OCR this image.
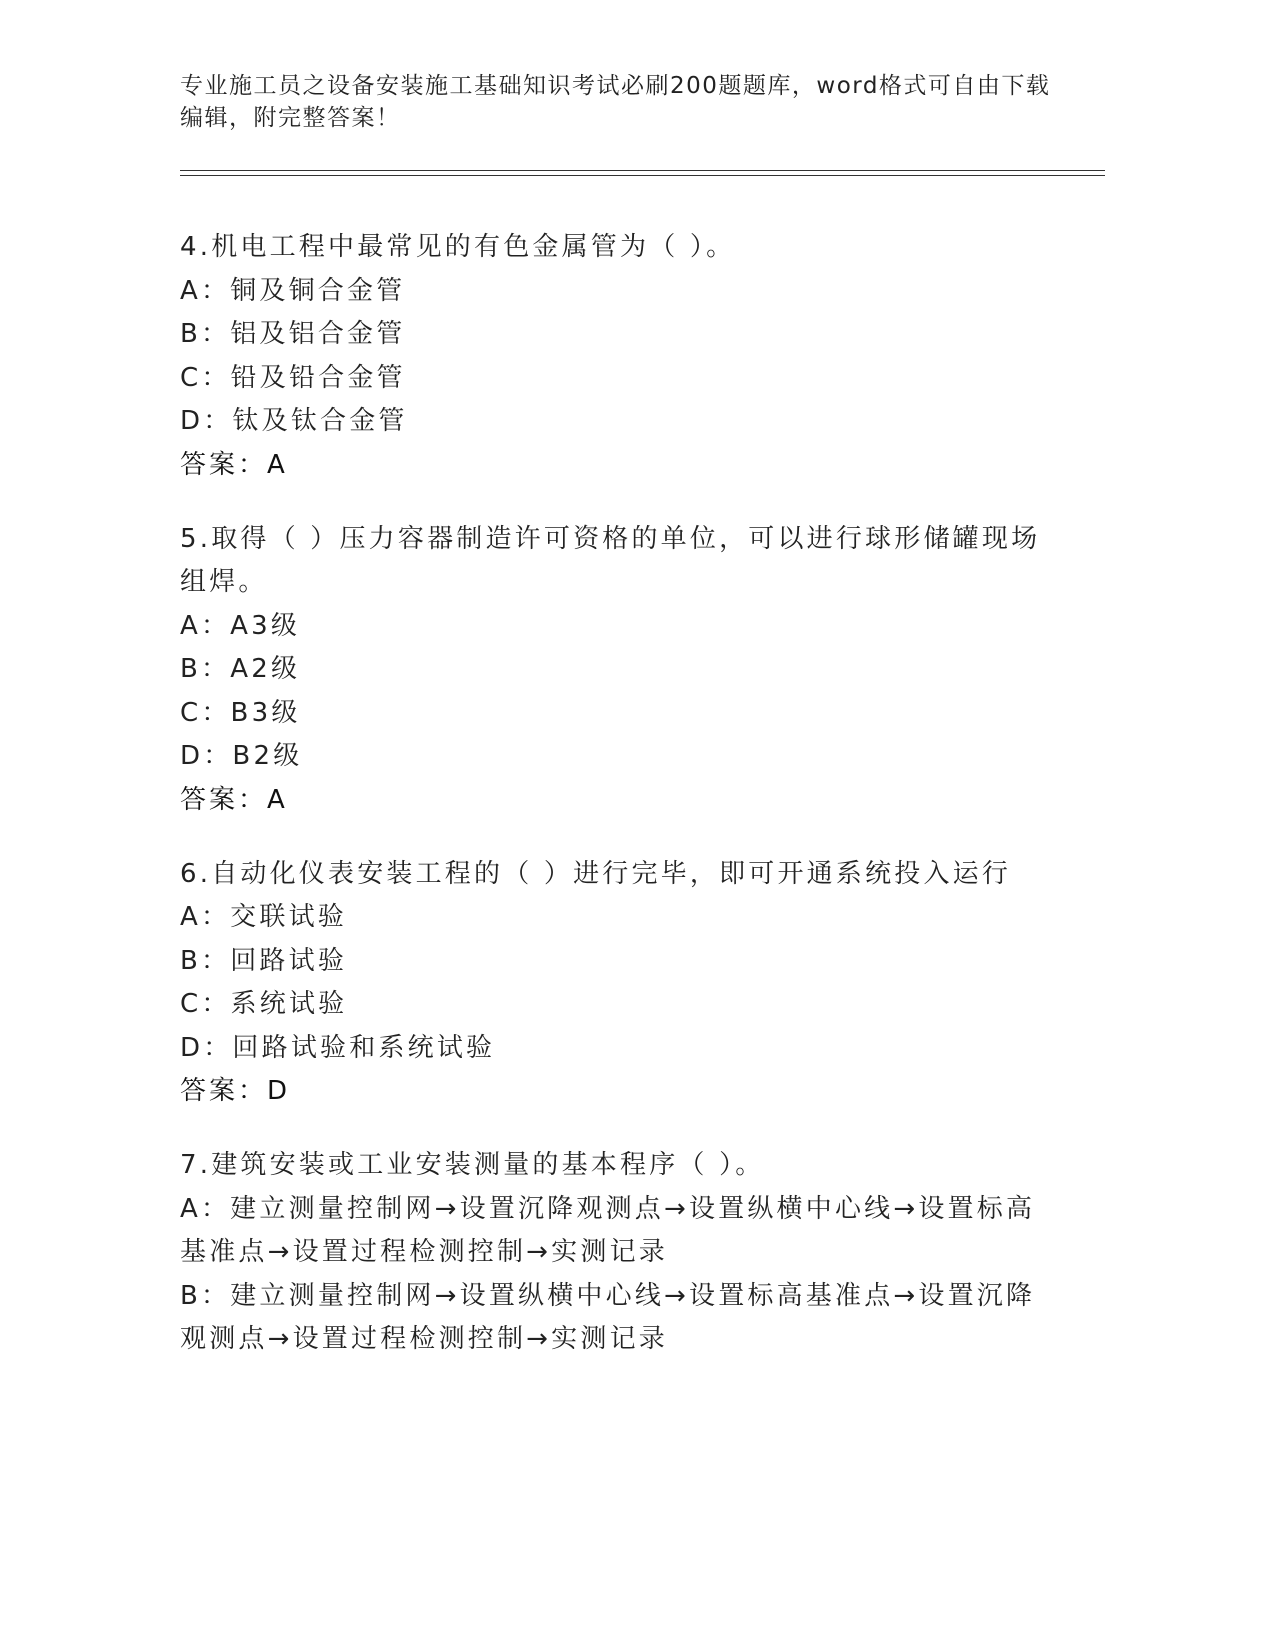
专业施工员之设备安装施工基础知识考试必刷200题题库，word格式可自由下载编辑，附完整答案！

4.机电工程中最常见的有色金属管为（ ）。

A：铜及铜合金管

B：铝及铝合金管

C：铅及铅合金管

D：钛及钛合金管

答案：A

5.取得（ ）压力容器制造许可资格的单位，可以进行球形储罐现场组焊。

A：A3级

B：A2级

C：B3级

D：B2级

答案：A

6.自动化仪表安装工程的（ ）进行完毕，即可开通系统投入运行

A：交联试验

B：回路试验

C：系统试验

D：回路试验和系统试验

答案：D

7.建筑安装或工业安装测量的基本程序（ ）。

A：建立测量控制网→设置沉降观测点→设置纵横中心线→设置标高基准点→设置过程检测控制→实测记录

B：建立测量控制网→设置纵横中心线→设置标高基准点→设置沉降观测点→设置过程检测控制→实测记录
